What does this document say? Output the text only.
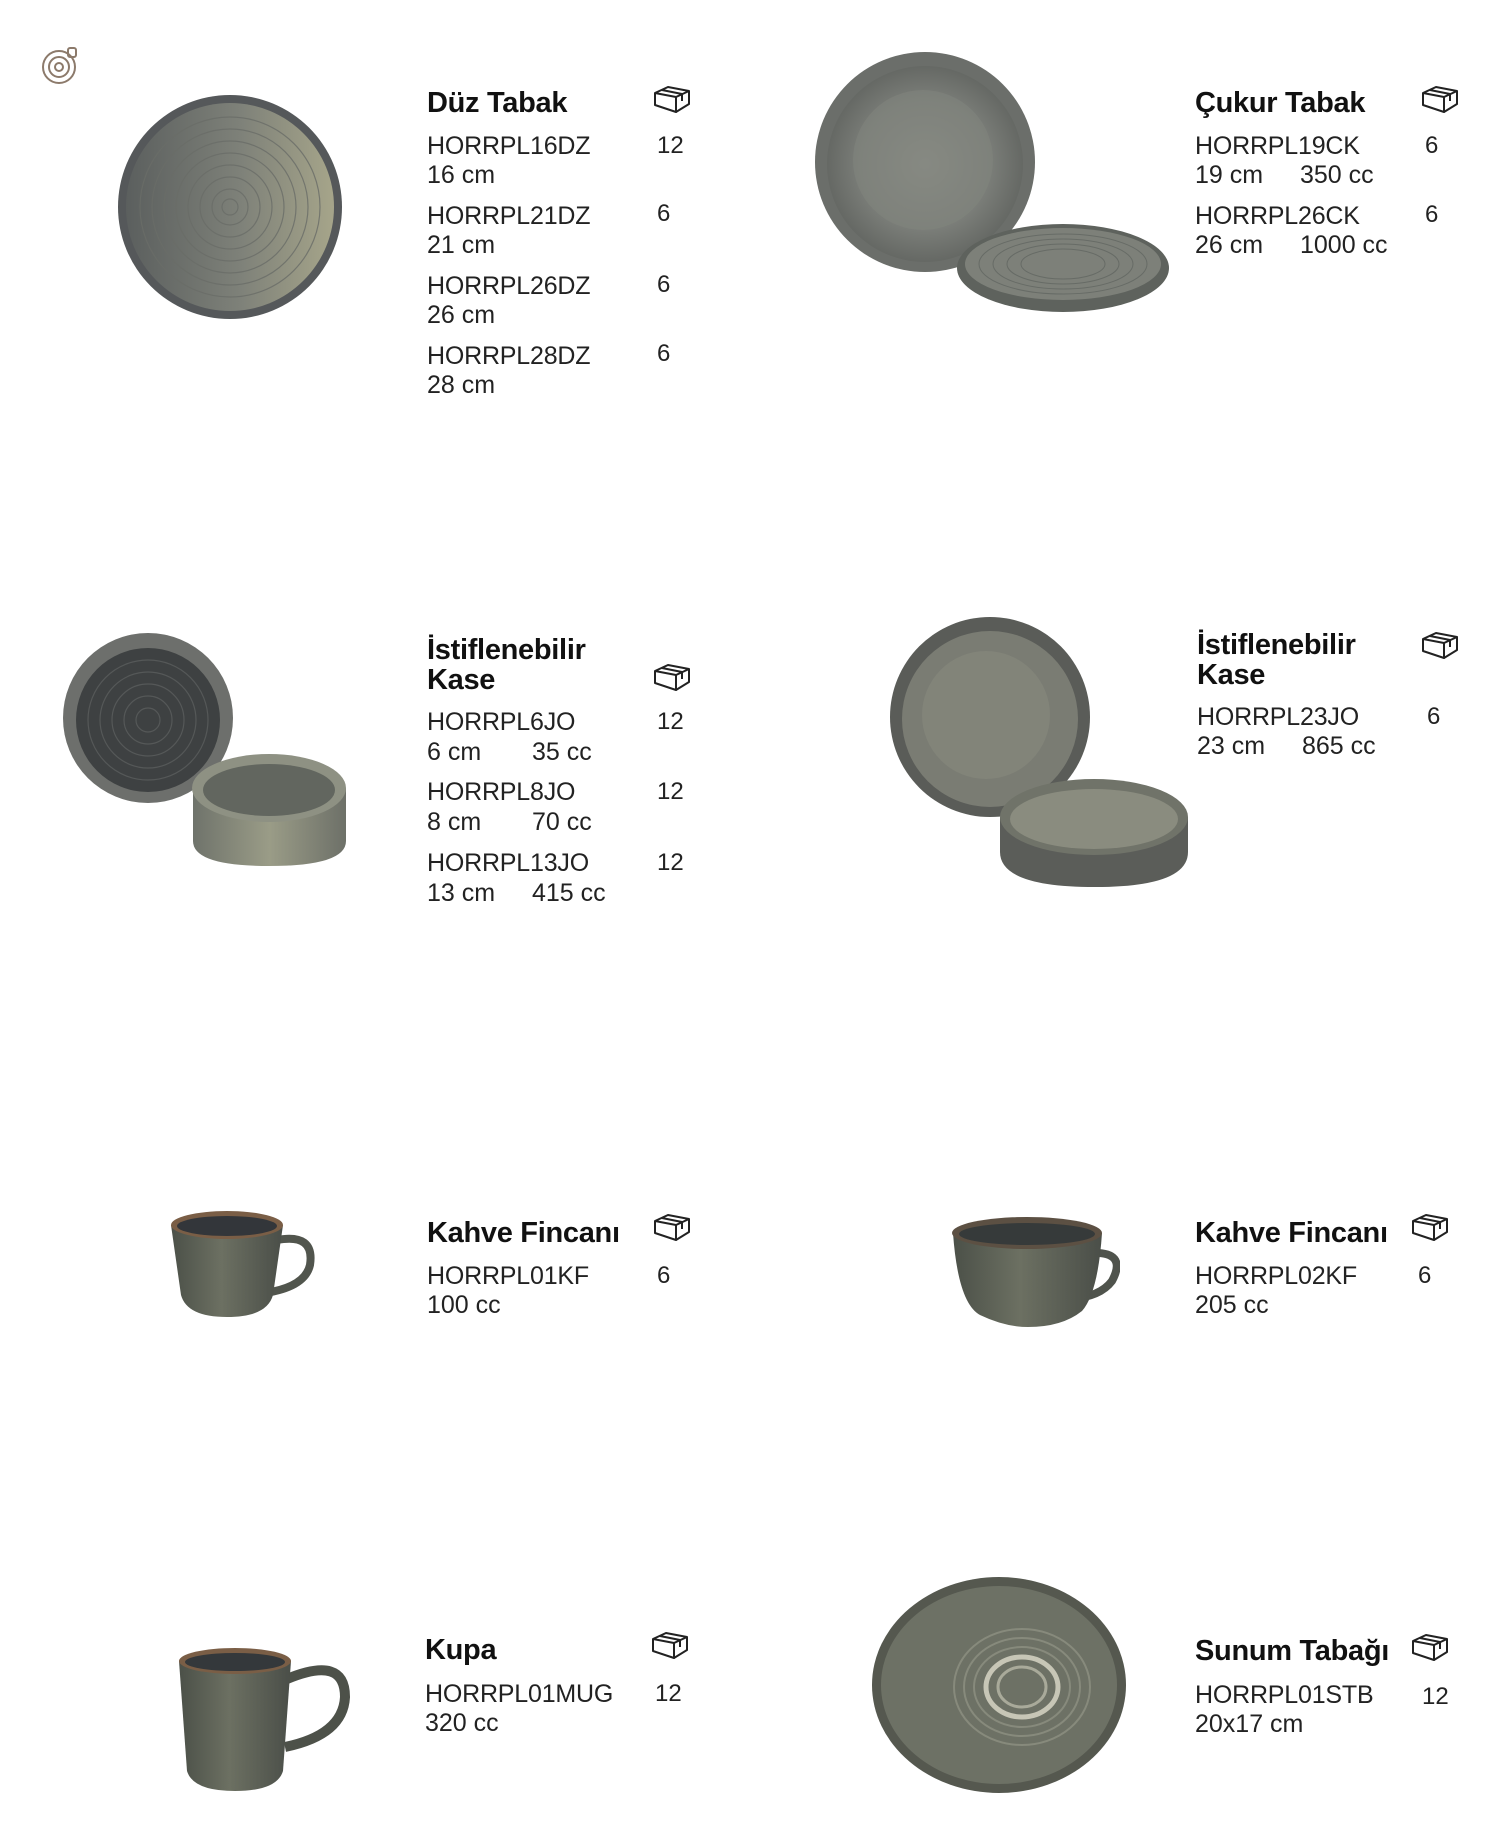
Düz Tabak
HORRPL16DZ
16 cm
12
HORRPL21DZ
21 cm
6
HORRPL26DZ
26 cm
6
HORRPL28DZ
28 cm
6
Çukur Tabak
HORRPL19CK
19 cm 350 cc
6
HORRPL26CK
26 cm 1000 cc
6
İstiflenebilir
Kase
HORRPL6JO
6 cm 35 cc
12
HORRPL8JO
8 cm 70 cc
12
HORRPL13JO
13 cm 415 cc
12
İstiflenebilir
Kase
HORRPL23JO
23 cm 865 cc
6
Kahve Fincanı
HORRPL01KF
100 cc
6
Kahve Fincanı
HORRPL02KF
205 cc
6
Kupa
HORRPL01MUG
320 cc
12
Sunum Tabağı
HORRPL01STB
20x17 cm
12
